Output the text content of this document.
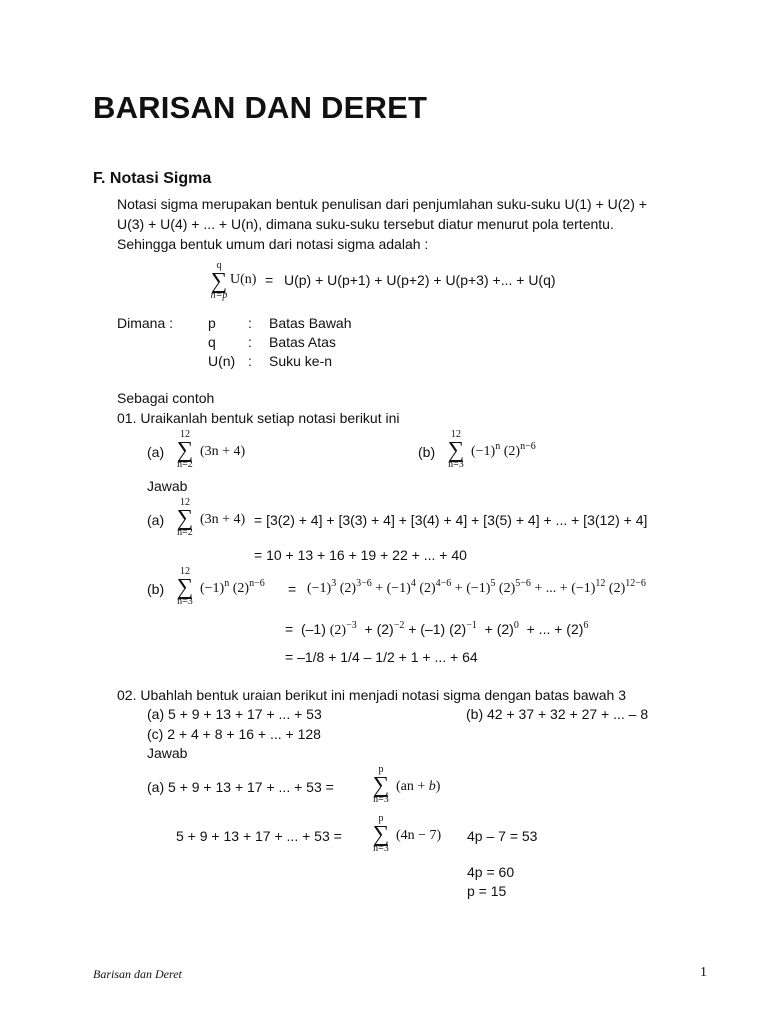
BARISAN DAN DERET
F. Notasi Sigma
Notasi sigma merupakan bentuk penulisan dari penjumlahan suku-suku U(1) + U(2) +
U(3) + U(4) + ... + U(n), dimana suku-suku tersebut diatur menurut pola tertentu.
Sehingga bentuk umum dari notasi sigma adalah :
q
∑
n=p
U(n) = U(p) + U(p+1) + U(p+2) + U(p+3) +... + U(q)
Dimana : p : Batas Bawah
q : Batas Atas
U(n) : Suku ke-n
Sebagai contoh
01. Uraikanlah bentuk setiap notasi berikut ini
(a)
12
∑
n=2
(3n + 4)	(b)
12
∑
n=3
$(-1)^n$ $(2)^{n-6}$
Jawab
(a)
12
∑
n=2
(3n + 4) = [3(2) + 4] + [3(3) + 4] + [3(4) + 4] + [3(5) + 4] + ... + [3(12) + 4]
= 10 + 13 + 16 + 19 + 22 + ... + 40
(b)
12
∑
n=3
$(-1)^n$ $(2)^{n-6} = (-1)^3$ $(2)^{3-6} + (-1)^4$ $(2)^{4-6} + (-1)^5$ $(2)^{5-6}$ + ... + $(-1)^{12}$ $(2)^{12-6}$
= (–1) $(2)^{-3} + (2)^{-2} + (-1) (2)^{-1} + (2)^0$ + ... + $(2)^6$
= –1/8 + 1/4 – 1/2 + 1 + ... + 64
02. Ubahlah bentuk uraian berikut ini menjadi notasi sigma dengan batas bawah 3
(a) 5 + 9 + 13 + 17 + ... + 53	(b) 42 + 37 + 32 + 27 + ... – 8
(c) 2 + 4 + 8 + 16 + ... + 128
Jawab
(a) 5 + 9 + 13 + 17 + ... + 53 =
p
∑
n=3
(an + b)
5 + 9 + 13 + 17 + ... + 53 =
p
∑
n=3
(4n − 7) 4p – 7 = 53
4p = 60
p = 15
Barisan dan Deret	1
